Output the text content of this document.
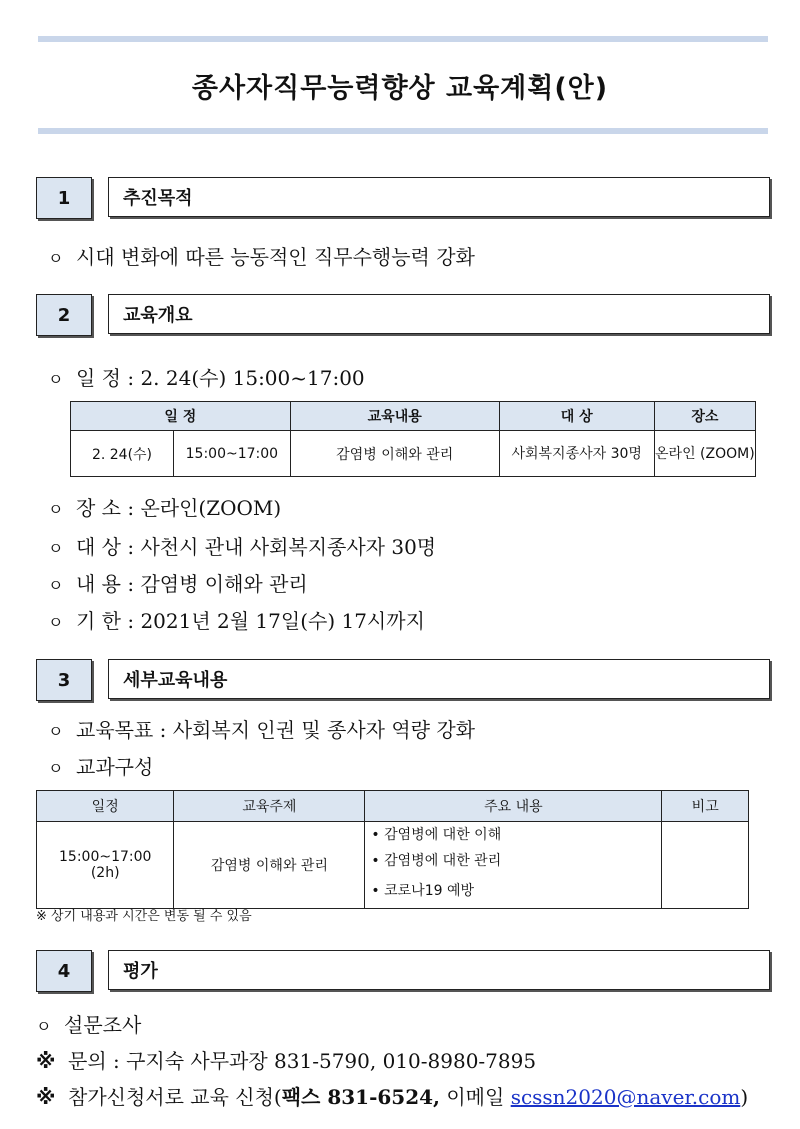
종사자직무능력향상 교육계획(안)
1	추진목적
ㅇ 시대 변화에 따른 능동적인 직무수행능력 강화
2	교육개요
ㅇ 일 정 : 2. 24(수) 15:00~17:00
일 정		교육내용	대 상	장소
2. 24(수)	15:00~17:00	감염병 이해와 관리	사회복지종사자 30명	온라인 (ZOOM)
ㅇ 장 소 : 온라인(ZOOM)
ㅇ 대 상 : 사천시 관내 사회복지종사자 30명
ㅇ 내 용 : 감염병 이해와 관리
ㅇ 기 한 : 2021년 2월 17일(수) 17시까지
3	세부교육내용
ㅇ 교육목표 : 사회복지 인권 및 종사자 역량 강화
ㅇ 교과구성
일정	교육주제	주요 내용	비고
15:00~17:00 (2h)	감염병 이해와 관리	• 감염병에 대한 이해
• 감염병에 대한 관리
• 코로나19 예방	

※ 상기 내용과 시간은 변동 될 수 있음
4	평가
ㅇ 설문조사
※ 문의 : 구지숙 사무과장 831-5790, 010-8980-7895
※ 참가신청서로 교육 신청(팩스 831-6524, 이메일 scssn2020@naver.com)
